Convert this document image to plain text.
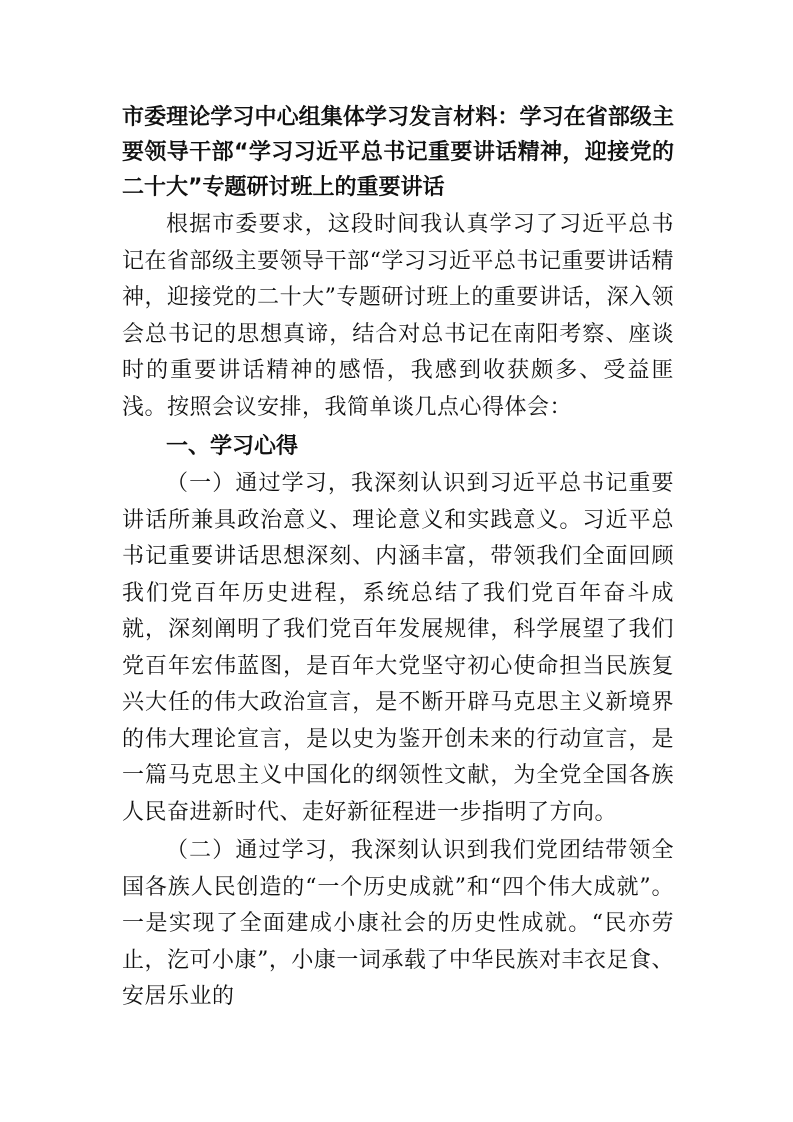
市委理论学习中心组集体学习发言材料：学习在省部级主要领导干部“学习习近平总书记重要讲话精神，迎接党的二十大”专题研讨班上的重要讲话

根据市委要求，这段时间我认真学习了习近平总书记在省部级主要领导干部“学习习近平总书记重要讲话精神，迎接党的二十大”专题研讨班上的重要讲话，深入领会总书记的思想真谛，结合对总书记在南阳考察、座谈时的重要讲话精神的感悟，我感到收获颇多、受益匪浅。按照会议安排，我简单谈几点心得体会：

一、学习心得

（一）通过学习，我深刻认识到习近平总书记重要讲话所兼具政治意义、理论意义和实践意义。习近平总书记重要讲话思想深刻、内涵丰富，带领我们全面回顾我们党百年历史进程，系统总结了我们党百年奋斗成就，深刻阐明了我们党百年发展规律，科学展望了我们党百年宏伟蓝图，是百年大党坚守初心使命担当民族复兴大任的伟大政治宣言，是不断开辟马克思主义新境界的伟大理论宣言，是以史为鉴开创未来的行动宣言，是一篇马克思主义中国化的纲领性文献，为全党全国各族人民奋进新时代、走好新征程进一步指明了方向。

（二）通过学习，我深刻认识到我们党团结带领全国各族人民创造的“一个历史成就”和“四个伟大成就”。一是实现了全面建成小康社会的历史性成就。“民亦劳止，汔可小康”，小康一词承载了中华民族对丰衣足食、安居乐业的
